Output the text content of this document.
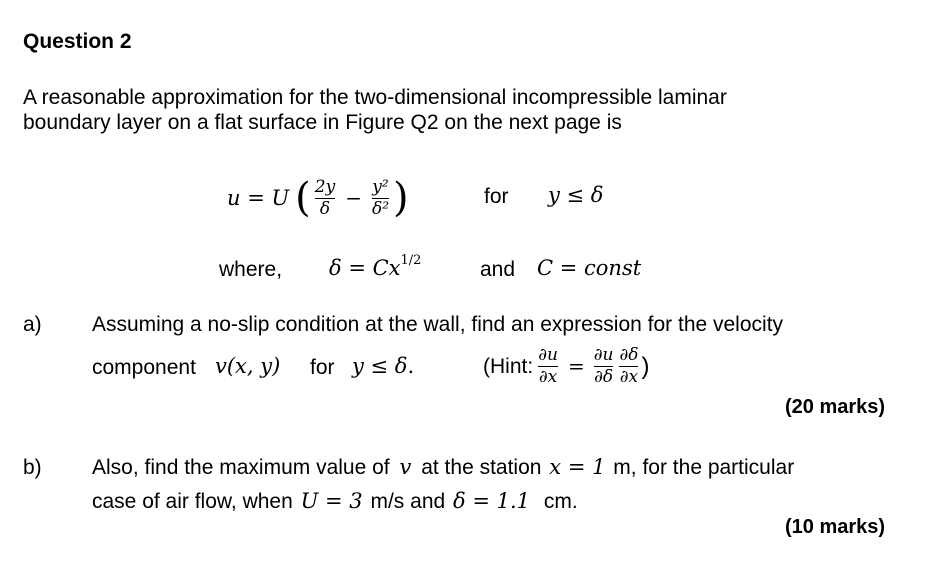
Question 2
A reasonable approximation for the two-dimensional incompressible laminar
boundary layer on a flat surface in Figure Q2 on the next page is
u = U ( $\frac{2y}{\delta} - \frac{\text{y²}}{\text{δ²}}$ )	for y ≤ δ
where, $\delta = Cx^{1/2}$	and C = const
a) Assuming a no-slip condition at the wall, find an expression for the velocity
component v(x, y) for y ≤ δ.	(Hint: $\frac{\partial u}{\partial x} = \frac{\partial u}{\partial\delta} \frac{\partial\delta}{\partial x}$ )
(20 marks)
b) Also, find the maximum value of v at the station x = 1 m, for the particular
case of air flow, when U = 3 m/s and δ = 1.1 cm.
(10 marks)
